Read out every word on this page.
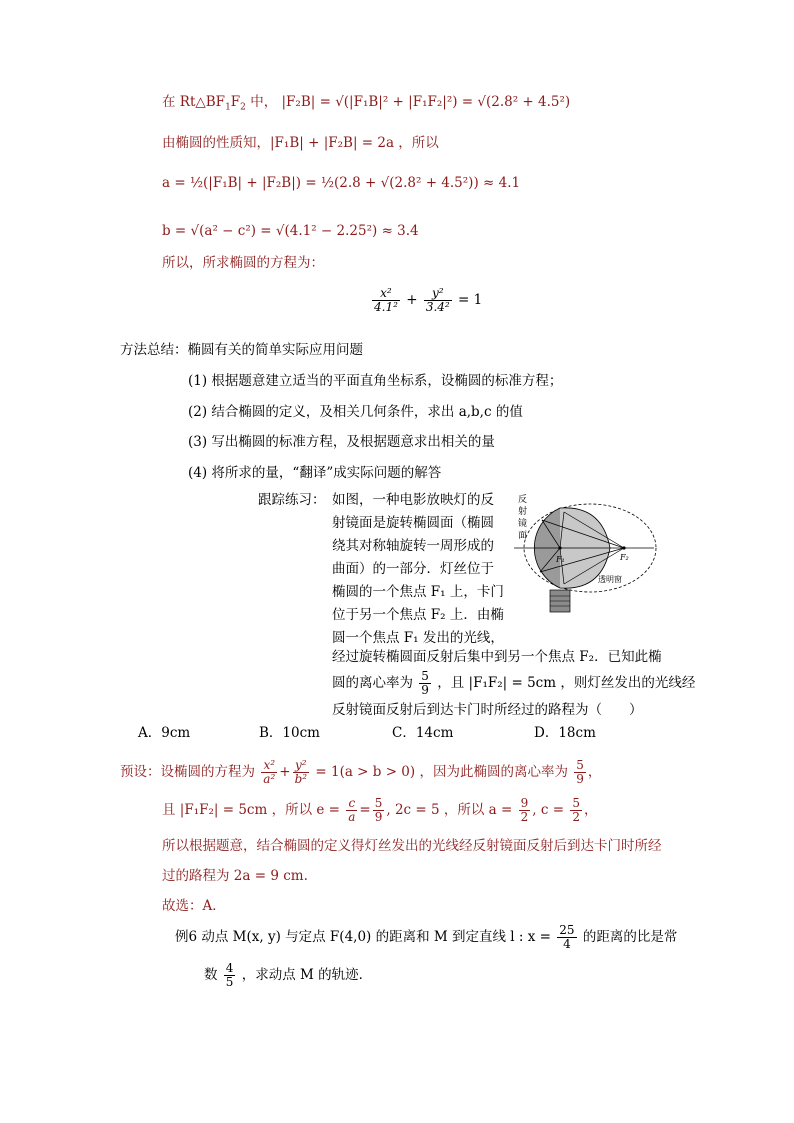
在 $Rt\triangle BF_1F_2$ 中， |F₂B| = √(|F₁B|² + |F₁F₂|²) = √(2.8² + 4.5²)
由椭圆的性质知，|F₁B| + |F₂B| = 2a ，所以
a = ½(|F₁B| + |F₂B|) = ½(2.8 + √(2.8² + 4.5²)) ≈ 4.1
b = √(a² − c²) = √(4.1² − 2.25²) ≈ 3.4
所以，所求椭圆的方程为：
$\frac{\text{x²}}{\text{4.1²}} + \frac{\text{y²}}{\text{3.4²}} = 1$
方法总结：椭圆有关的简单实际应用问题
(1) 根据题意建立适当的平面直角坐标系，设椭圆的标准方程；
(2) 结合椭圆的定义，及相关几何条件，求出 a,b,c 的值
(3) 写出椭圆的标准方程，及根据题意求出相关的量
(4) 将所求的量，“翻译”成实际问题的解答
跟踪练习： 如图，一种电影放映灯的反
射镜面是旋转椭圆面（椭圆
绕其对称轴旋转一周形成的
曲面）的一部分．灯丝位于
椭圆的一个焦点 F₁ 上，卡门
位于另一个焦点 F₂ 上．由椭
圆一个焦点 F₁ 发出的光线，
经过旋转椭圆面反射后集中到另一个焦点 F₂．已知此椭
圆的离心率为 $\frac{5}{9}$ ，且 |F₁F₂| = 5cm ，则灯丝发出的光线经
反射镜面反射后到达卡门时所经过的路程为（　　）
A．9cm	B．10cm	C．14cm	D．18cm
反
射
镜
面
F₁	F₂
透明窗
预设：设椭圆的方程为 $\frac{\text{x²}}{\text{a²}} + \frac{\text{y²}}{\text{b²}} = 1(a > b > 0)$ ，因为此椭圆的离心率为 $\frac{5}{9}$ ，
且 |F₁F₂| = 5cm ，所以 $e = \frac{c}{a} = \frac{5}{9}$ , 2c = 5 ，所以 $a = \frac{9}{2}$ , $c = \frac{5}{2}$ ，
所以根据题意，结合椭圆的定义得灯丝发出的光线经反射镜面反射后到达卡门时所经
过的路程为 2a = 9 cm.
故选：A．
例6 动点 M(x, y) 与定点 F(4,0) 的距离和 M 到定直线 l : $x = \frac{25}{4}$ 的距离的比是常
数 $\frac{4}{5}$ ，求动点 M 的轨迹．
